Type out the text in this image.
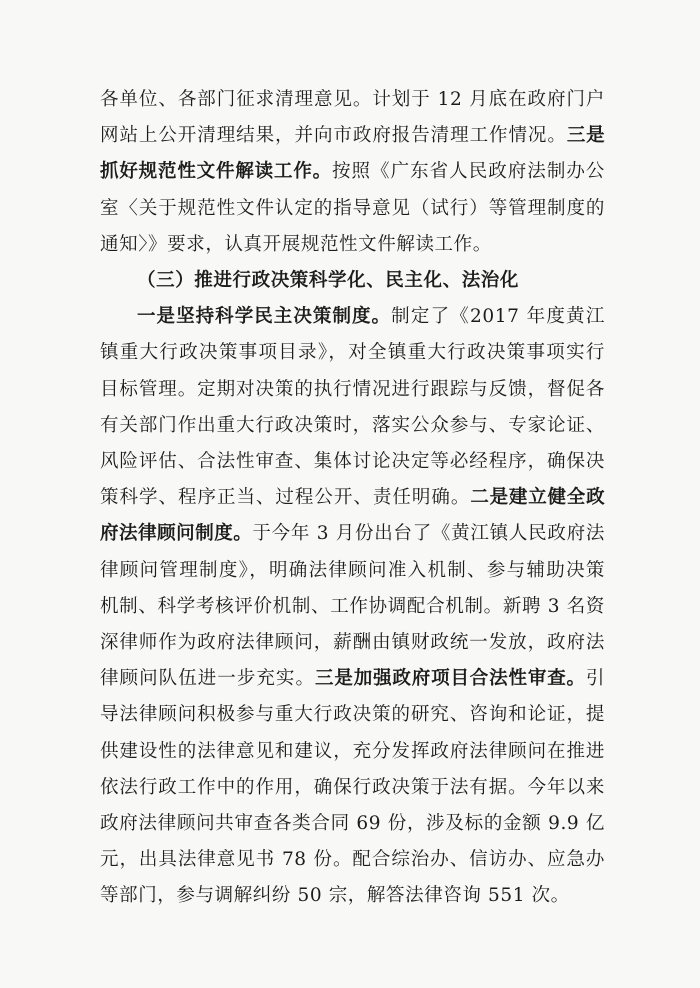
各单位、各部门征求清理意见。计划于 12 月底在政府门户网站上公开清理结果，并向市政府报告清理工作情况。三是抓好规范性文件解读工作。按照《广东省人民政府法制办公室〈关于规范性文件认定的指导意见（试行）等管理制度的通知〉》要求，认真开展规范性文件解读工作。

（三）推进行政决策科学化、民主化、法治化

一是坚持科学民主决策制度。制定了《2017 年度黄江镇重大行政决策事项目录》，对全镇重大行政决策事项实行目标管理。定期对决策的执行情况进行跟踪与反馈，督促各有关部门作出重大行政决策时，落实公众参与、专家论证、风险评估、合法性审查、集体讨论决定等必经程序，确保决策科学、程序正当、过程公开、责任明确。二是建立健全政府法律顾问制度。于今年 3 月份出台了《黄江镇人民政府法律顾问管理制度》，明确法律顾问准入机制、参与辅助决策机制、科学考核评价机制、工作协调配合机制。新聘 3 名资深律师作为政府法律顾问，薪酬由镇财政统一发放，政府法律顾问队伍进一步充实。三是加强政府项目合法性审查。引导法律顾问积极参与重大行政决策的研究、咨询和论证，提供建设性的法律意见和建议，充分发挥政府法律顾问在推进依法行政工作中的作用，确保行政决策于法有据。今年以来政府法律顾问共审查各类合同 69 份，涉及标的金额 9.9 亿元，出具法律意见书 78 份。配合综治办、信访办、应急办等部门，参与调解纠纷 50 宗，解答法律咨询 551 次。
